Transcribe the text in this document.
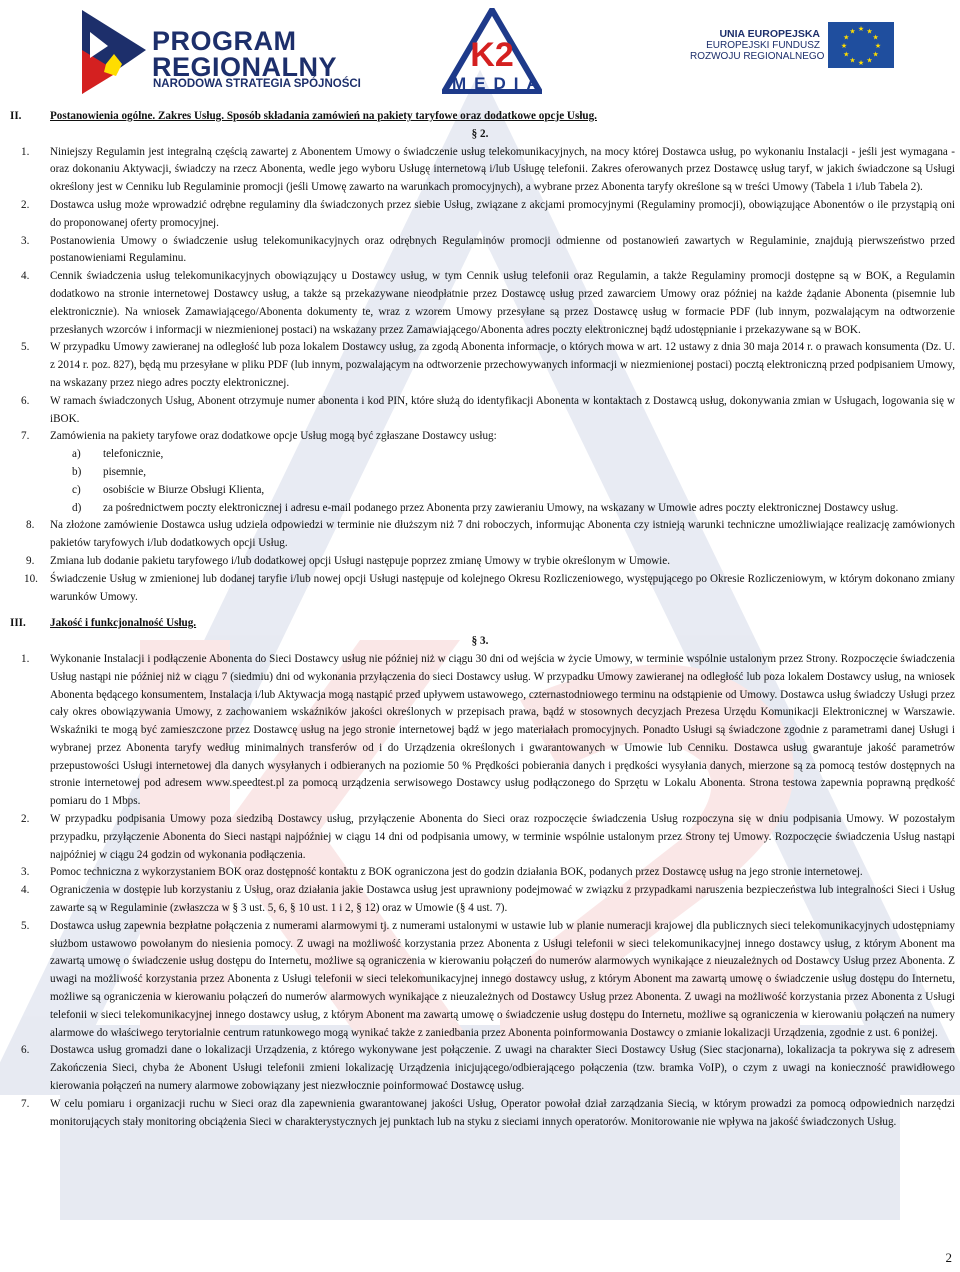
PROGRAM
REGIONALNY
NARODOWA STRATEGIA SPÓJNOŚCI
K2
MEDIA
UNIA EUROPEJSKA
EUROPEJSKI FUNDUSZ
ROZWOJU REGIONALNEGO
★ ★
★
★
★
★
★
★
★
★
★
★
II.	Postanowienia ogólne. Zakres Usług. Sposób składania zamówień na pakiety taryfowe oraz dodatkowe opcje Usług.
§ 2.
1. Niniejszy Regulamin jest integralną częścią zawartej z Abonentem Umowy o świadczenie usług telekomunikacyjnych, na mocy której Dostawca usług, po wykonaniu Instalacji - jeśli jest wymagana - oraz dokonaniu Aktywacji, świadczy na rzecz Abonenta, wedle jego wyboru Usługę internetową i/lub Usługę telefonii. Zakres oferowanych przez Dostawcę usług taryf, w jakich świadczone są Usługi określony jest w Cenniku lub Regulaminie promocji (jeśli Umowę zawarto na warunkach promocyjnych), a wybrane przez Abonenta taryfy określone są w treści Umowy (Tabela 1 i/lub Tabela 2).
2. Dostawca usług może wprowadzić odrębne regulaminy dla świadczonych przez siebie Usług, związane z akcjami promocyjnymi (Regulaminy promocji), obowiązujące Abonentów o ile przystąpią oni do proponowanej oferty promocyjnej.
3. Postanowienia Umowy o świadczenie usług telekomunikacyjnych oraz odrębnych Regulaminów promocji odmienne od postanowień zawartych w Regulaminie, znajdują pierwszeństwo przed postanowieniami Regulaminu.
4. Cennik świadczenia usług telekomunikacyjnych obowiązujący u Dostawcy usług, w tym Cennik usług telefonii oraz Regulamin, a także Regulaminy promocji dostępne są w BOK, a Regulamin dodatkowo na stronie internetowej Dostawcy usług, a także są przekazywane nieodpłatnie przez Dostawcę usług przed zawarciem Umowy oraz później na każde żądanie Abonenta (pisemnie lub elektronicznie). Na wniosek Zamawiającego/Abonenta dokumenty te, wraz z wzorem Umowy przesyłane są przez Dostawcę usług w formacie PDF (lub innym, pozwalającym na odtworzenie przesłanych wzorców i informacji w niezmienionej postaci) na wskazany przez Zamawiającego/Abonenta adres poczty elektronicznej bądź udostępnianie i przekazywane są w BOK.
5. W przypadku Umowy zawieranej na odległość lub poza lokalem Dostawcy usług, za zgodą Abonenta informacje, o których mowa w art. 12 ustawy z dnia 30 maja 2014 r. o prawach konsumenta (Dz. U. z 2014 r. poz. 827), będą mu przesyłane w pliku PDF (lub innym, pozwalającym na odtworzenie przechowywanych informacji w niezmienionej postaci) pocztą elektroniczną przed podpisaniem Umowy, na wskazany przez niego adres poczty elektronicznej.
6. W ramach świadczonych Usług, Abonent otrzymuje numer abonenta i kod PIN, które służą do identyfikacji Abonenta w kontaktach z Dostawcą usług, dokonywania zmian w Usługach, logowania się w iBOK.
7. Zamówienia na pakiety taryfowe oraz dodatkowe opcje Usług mogą być zgłaszane Dostawcy usług:
a) telefonicznie,
b) pisemnie,
c) osobiście w Biurze Obsługi Klienta,
d) za pośrednictwem poczty elektronicznej i adresu e-mail podanego przez Abonenta przy zawieraniu Umowy, na wskazany w Umowie adres poczty elektronicznej Dostawcy usług.
8. Na złożone zamówienie Dostawca usług udziela odpowiedzi w terminie nie dłuższym niż 7 dni roboczych, informując Abonenta czy istnieją warunki techniczne umożliwiające realizację zamówionych pakietów taryfowych i/lub dodatkowych opcji Usług.
9. Zmiana lub dodanie pakietu taryfowego i/lub dodatkowej opcji Usługi następuje poprzez zmianę Umowy w trybie określonym w Umowie.
10. Świadczenie Usług w zmienionej lub dodanej taryfie i/lub nowej opcji Usługi następuje od kolejnego Okresu Rozliczeniowego, występującego po Okresie Rozliczeniowym, w którym dokonano zmiany warunków Umowy.
III. Jakość i funkcjonalność Usług.
§ 3.
1. Wykonanie Instalacji i podłączenie Abonenta do Sieci Dostawcy usług nie później niż w ciągu 30 dni od wejścia w życie Umowy, w terminie wspólnie ustalonym przez Strony. Rozpoczęcie świadczenia Usług nastąpi nie później niż w ciągu 7 (siedmiu) dni od wykonania przyłączenia do sieci Dostawcy usług. W przypadku Umowy zawieranej na odległość lub poza lokalem Dostawcy usług, na wniosek Abonenta będącego konsumentem, Instalacja i/lub Aktywacja mogą nastąpić przed upływem ustawowego, czternastodniowego terminu na odstąpienie od Umowy. Dostawca usług świadczy Usługi przez cały okres obowiązywania Umowy, z zachowaniem wskaźników jakości określonych w przepisach prawa, bądź w stosownych decyzjach Prezesa Urzędu Komunikacji Elektronicznej w Warszawie. Wskaźniki te mogą być zamieszczone przez Dostawcę usług na jego stronie internetowej bądź w jego materiałach promocyjnych. Ponadto Usługi są świadczone zgodnie z parametrami danej Usługi i wybranej przez Abonenta taryfy według minimalnych transferów od i do Urządzenia określonych i gwarantowanych w Umowie lub Cenniku. Dostawca usług gwarantuje jakość parametrów przepustowości Usługi internetowej dla danych wysyłanych i odbieranych na poziomie 50 % Prędkości pobierania danych i prędkości wysyłania danych, mierzone są za pomocą testów dostępnych na stronie internetowej pod adresem www.speedtest.pl za pomocą urządzenia serwisowego Dostawcy usług podłączonego do Sprzętu w Lokalu Abonenta. Strona testowa zapewnia poprawną prędkość pomiaru do 1 Mbps.
2. W przypadku podpisania Umowy poza siedzibą Dostawcy usług, przyłączenie Abonenta do Sieci oraz rozpoczęcie świadczenia Usług rozpoczyna się w dniu podpisania Umowy. W pozostałym przypadku, przyłączenie Abonenta do Sieci nastąpi najpóźniej w ciągu 14 dni od podpisania umowy, w terminie wspólnie ustalonym przez Strony tej Umowy. Rozpoczęcie świadczenia Usług nastąpi najpóźniej w ciągu 24 godzin od wykonania podłączenia.
3. Pomoc techniczna z wykorzystaniem BOK oraz dostępność kontaktu z BOK ograniczona jest do godzin działania BOK, podanych przez Dostawcę usług na jego stronie internetowej.
4. Ograniczenia w dostępie lub korzystaniu z Usług, oraz działania jakie Dostawca usług jest uprawniony podejmować w związku z przypadkami naruszenia bezpieczeństwa lub integralności Sieci i Usług zawarte są w Regulaminie (zwłaszcza w § 3 ust. 5, 6, § 10 ust. 1 i 2, § 12) oraz w Umowie (§ 4 ust. 7).
5. Dostawca usług zapewnia bezpłatne połączenia z numerami alarmowymi tj. z numerami ustalonymi w ustawie lub w planie numeracji krajowej dla publicznych sieci telekomunikacyjnych udostępniamy służbom ustawowo powołanym do niesienia pomocy. Z uwagi na możliwość korzystania przez Abonenta z Usługi telefonii w sieci telekomunikacyjnej innego dostawcy usług, z którym Abonent ma zawartą umowę o świadczenie usług dostępu do Internetu, możliwe są ograniczenia w kierowaniu połączeń do numerów alarmowych wynikające z nieuzależnych od Dostawcy Usług przez Abonenta. Z uwagi na możliwość korzystania przez Abonenta z Usługi telefonii w sieci telekomunikacyjnej innego dostawcy usług, z którym Abonent ma zawartą umowę o świadczenie usług dostępu do Internetu, możliwe są ograniczenia w kierowaniu połączeń do numerów alarmowych wynikające z nieuzależnych od Dostawcy Usług przez Abonenta. Z uwagi na możliwość korzystania przez Abonenta z Usługi telefonii w sieci telekomunikacyjnej innego dostawcy usług, z którym Abonent ma zawartą umowę o świadczenie usług dostępu do Internetu, możliwe są ograniczenia w kierowaniu połączeń na numery alarmowe do właściwego terytorialnie centrum ratunkowego mogą wynikać także z zaniedbania przez Abonenta poinformowania Dostawcy o zmianie lokalizacji Urządzenia, zgodnie z ust. 6 poniżej.
6. Dostawca usług gromadzi dane o lokalizacji Urządzenia, z którego wykonywane jest połączenie. Z uwagi na charakter Sieci Dostawcy Usług (Siec stacjonarna), lokalizacja ta pokrywa się z adresem Zakończenia Sieci, chyba że Abonent Usługi telefonii zmieni lokalizację Urządzenia inicjującego/odbierającego połączenia (tzw. bramka VoIP), o czym z uwagi na konieczność prawidłowego kierowania połączeń na numery alarmowe zobowiązany jest niezwłocznie poinformować Dostawcę usług.
7. W celu pomiaru i organizacji ruchu w Sieci oraz dla zapewnienia gwarantowanej jakości Usług, Operator powołał dział zarządzania Siecią, w którym prowadzi za pomocą odpowiednich narzędzi monitorujących stały monitoring obciążenia Sieci w charakterystycznych jej punktach lub na styku z sieciami innych operatorów. Monitorowanie nie wpływa na jakość świadczonych Usług.
2
